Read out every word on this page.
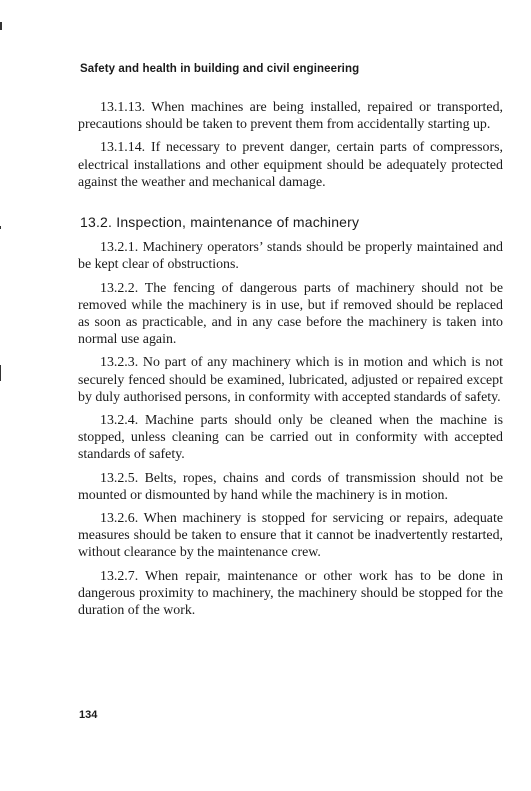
Safety and health in building and civil engineering

13.1.13. When machines are being installed, repaired or transported, precautions should be taken to prevent them from accidentally starting up.

13.1.14. If necessary to prevent danger, certain parts of compressors, electrical installations and other equipment should be adequately protected against the weather and mechanical damage.

13.2. Inspection, maintenance of machinery

13.2.1. Machinery operators’ stands should be properly maintained and be kept clear of obstructions.

13.2.2. The fencing of dangerous parts of machinery should not be removed while the machinery is in use, but if removed should be replaced as soon as practicable, and in any case before the machinery is taken into normal use again.

13.2.3. No part of any machinery which is in motion and which is not securely fenced should be examined, lubricated, adjusted or repaired except by duly authorised persons, in conformity with accepted standards of safety.

13.2.4. Machine parts should only be cleaned when the machine is stopped, unless cleaning can be carried out in conformity with accepted standards of safety.

13.2.5. Belts, ropes, chains and cords of transmission should not be mounted or dismounted by hand while the machinery is in motion.

13.2.6. When machinery is stopped for servicing or repairs, adequate measures should be taken to ensure that it cannot be inadvertently restarted, without clearance by the maintenance crew.

13.2.7. When repair, maintenance or other work has to be done in dangerous proximity to machinery, the machinery should be stopped for the duration of the work.

134
